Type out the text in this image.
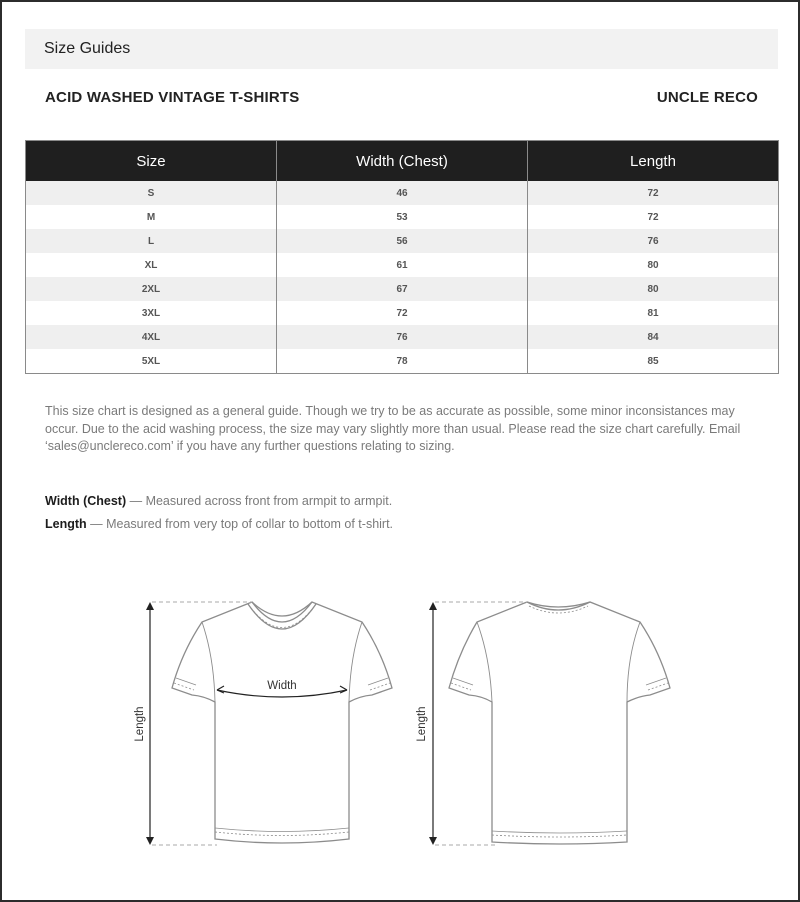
Size Guides
ACID WASHED VINTAGE T-SHIRTS	UNCLE RECO
Size	Width (Chest)	Length
S	46	72
M	53	72
L	56	76
XL	61	80
2XL	67	80
3XL	72	81
4XL	76	84
5XL	78	85
This size chart is designed as a general guide. Though we try to be as accurate as possible, some minor inconsistances may occur. Due to the acid washing process, the size may vary slightly more than usual. Please read the size chart carefully. Email ‘sales@unclereco.com’ if you have any further questions relating to sizing.
Width (Chest) — Measured across front from armpit to armpit.
Length — Measured from very top of collar to bottom of t-shirt.
Width
Length	Length
